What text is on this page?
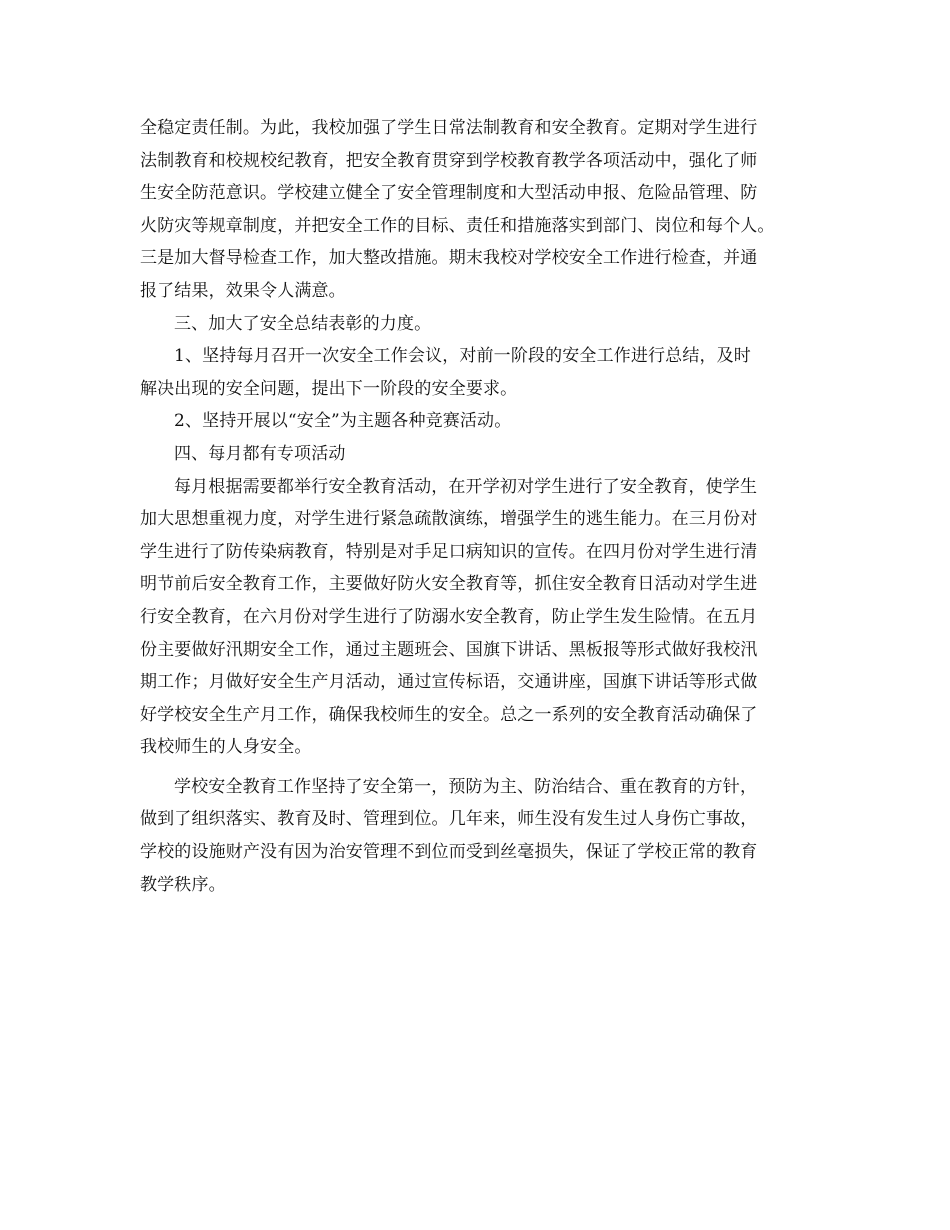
全稳定责任制。为此，我校加强了学生日常法制教育和安全教育。定期对学生进行
法制教育和校规校纪教育，把安全教育贯穿到学校教育教学各项活动中，强化了师
生安全防范意识。学校建立健全了安全管理制度和大型活动申报、危险品管理、防
火防灾等规章制度，并把安全工作的目标、责任和措施落实到部门、岗位和每个人。
三是加大督导检查工作，加大整改措施。期末我校对学校安全工作进行检查，并通
报了结果，效果令人满意。
三、加大了安全总结表彰的力度。
1、坚持每月召开一次安全工作会议，对前一阶段的安全工作进行总结，及时
解决出现的安全问题，提出下一阶段的安全要求。
2、坚持开展以“安全”为主题各种竞赛活动。
四、每月都有专项活动
每月根据需要都举行安全教育活动，在开学初对学生进行了安全教育，使学生
加大思想重视力度，对学生进行紧急疏散演练，增强学生的逃生能力。在三月份对
学生进行了防传染病教育，特别是对手足口病知识的宣传。在四月份对学生进行清
明节前后安全教育工作，主要做好防火安全教育等，抓住安全教育日活动对学生进
行安全教育，在六月份对学生进行了防溺水安全教育，防止学生发生险情。在五月
份主要做好汛期安全工作，通过主题班会、国旗下讲话、黑板报等形式做好我校汛
期工作；月做好安全生产月活动，通过宣传标语，交通讲座，国旗下讲话等形式做
好学校安全生产月工作，确保我校师生的安全。总之一系列的安全教育活动确保了
我校师生的人身安全。
学校安全教育工作坚持了安全第一，预防为主、防治结合、重在教育的方针，
做到了组织落实、教育及时、管理到位。几年来，师生没有发生过人身伤亡事故，
学校的设施财产没有因为治安管理不到位而受到丝毫损失，保证了学校正常的教育
教学秩序。
